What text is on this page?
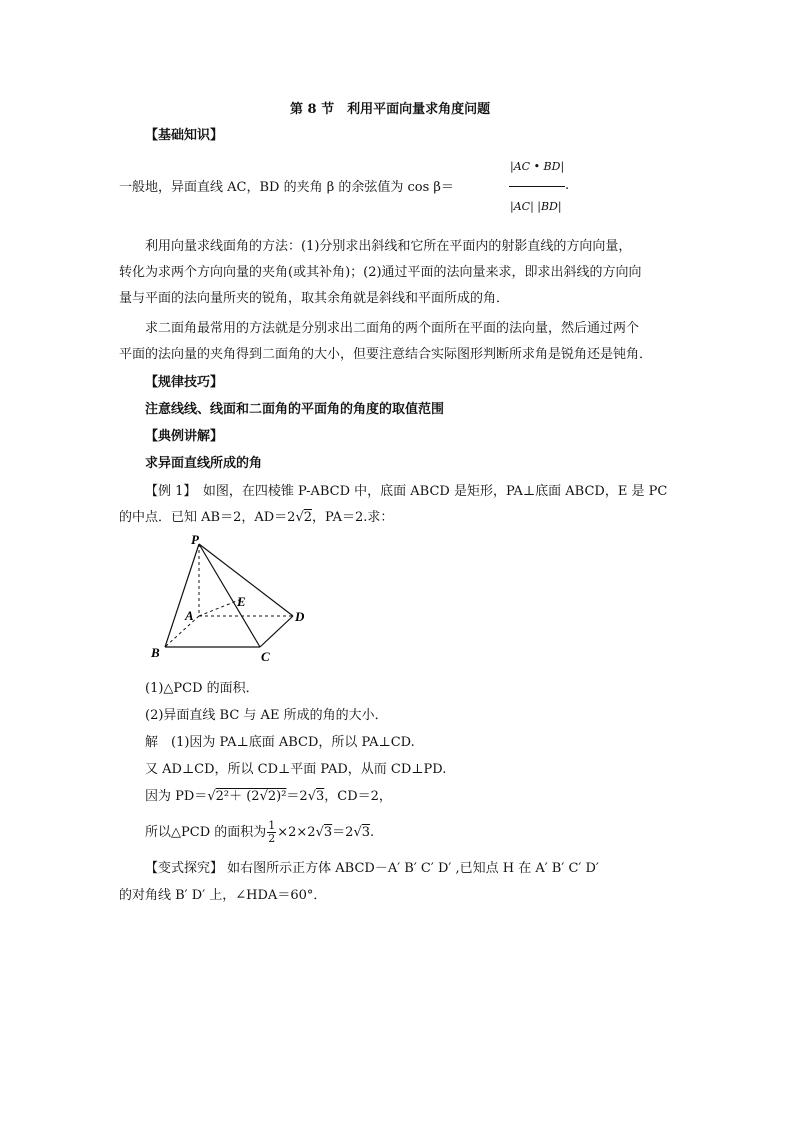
第 8 节　利用平面向量求角度问题
【基础知识】
一般地，异面直线 AC，BD 的夹角 β 的余弦值为 cos β＝
|AC • BD|
|AC| |BD|
.
利用向量求线面角的方法：(1)分别求出斜线和它所在平面内的射影直线的方向向量，
转化为求两个方向向量的夹角(或其补角)；(2)通过平面的法向量来求，即求出斜线的方向向
量与平面的法向量所夹的锐角，取其余角就是斜线和平面所成的角．
求二面角最常用的方法就是分别求出二面角的两个面所在平面的法向量，然后通过两个
平面的法向量的夹角得到二面角的大小，但要注意结合实际图形判断所求角是锐角还是钝角．
【规律技巧】
注意线线、线面和二面角的平面角的角度的取值范围
【典例讲解】
求异面直线所成的角
【例 1】　如图，在四棱锥 P-ABCD 中，底面 ABCD 是矩形，PA⊥底面 ABCD，E 是 PC
的中点．已知 AB＝2，AD＝2√2，PA＝2.求：
P
A
E
D
B	C
(1)△PCD 的面积．
(2)异面直线 BC 与 AE 所成的角的大小．
解　(1)因为 PA⊥底面 ABCD，所以 PA⊥CD.
又 AD⊥CD，所以 CD⊥平面 PAD，从而 CD⊥PD.
因为 PD＝√2²＋ (2√2)²＝2√3，CD＝2，
所以△PCD 的面积为 $\frac{1}{2} \times 2\times 2√3=2√3$.
【变式探究】 如右图所示正方体 ABCD－A′ B′ C′ D′ ,已知点 H 在 A′ B′ C′ D′
的对角线 B′ D′ 上，∠HDA＝60°．
